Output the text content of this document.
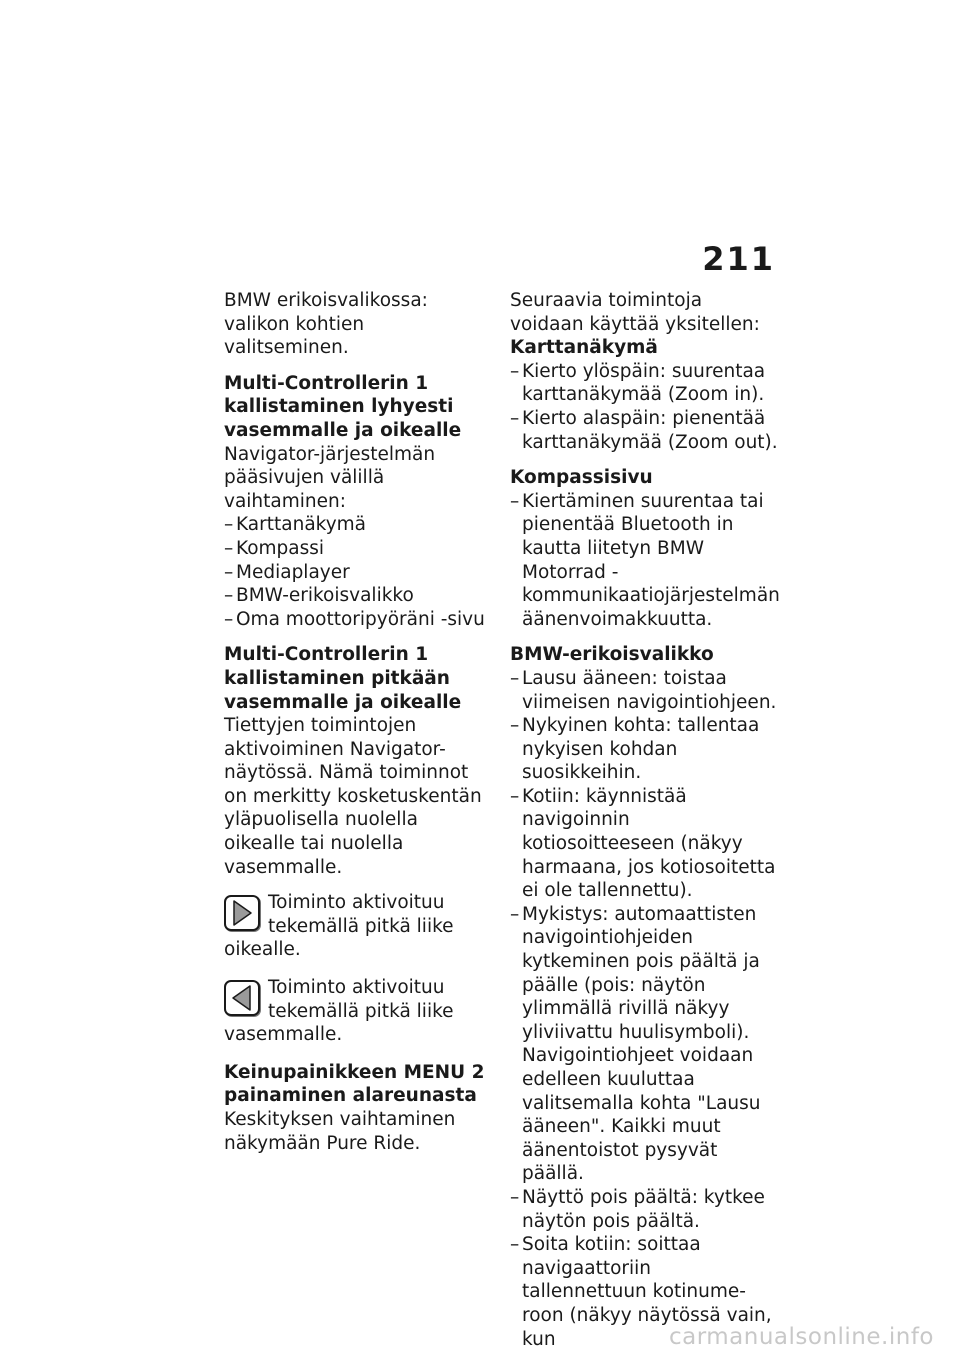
211

BMW erikoisvalikossa: valikon kohtien valitseminen.

Multi-Controllerin 1 kallistaminen lyhyesti vasemmalle ja oikealle

Navigator-järjestelmän pääsivujen välillä vaihtaminen:

– Karttanäkymä
– Kompassi
– Mediaplayer
– BMW-erikoisvalikko
– Oma moottoripyöräni -sivu

Multi-Controllerin 1 kallistaminen pitkään vasemmalle ja oikealle

Tiettyjen toimintojen aktivoiminen Navigator-näytössä. Nämä toiminnot on merkitty kosketuskentän yläpuolisella nuolella oikealle tai nuolella vasemmalle.

Toiminto aktivoituu tekemällä pitkä liike oikealle.

Toiminto aktivoituu tekemällä pitkä liike vasemmalle.

Keinupainikkeen MENU 2 painaminen alareunasta

Keskityksen vaihtaminen näkymään Pure Ride.

Seuraavia toimintoja voidaan käyttää yksitellen:

Karttanäkymä

– Kierto ylöspäin: suurentaa karttanäkymää (Zoom in).
– Kierto alaspäin: pienentää karttanäkymää (Zoom out).

Kompassisivu

– Kiertäminen suurentaa tai pienentää Bluetooth in kautta liitetyn BMW Motorrad -kommunikaatiojärjestelmän äänenvoimakkuutta.

BMW-erikoisvalikko

– Lausu ääneen: toistaa viimeisen navigointiohjeen.
– Nykyinen kohta: tallentaa nykyisen kohdan suosikkeihin.
– Kotiin: käynnistää navigoinnin kotiosoitteeseen (näkyy harmaana, jos kotiosoitetta ei ole tallennettu).
– Mykistys: automaattisten navigointiohjeiden kytkeminen pois päältä ja päälle (pois: näytön ylimmällä rivillä näkyy yliviivattu huulisymboli). Navigointiohjeet voidaan edelleen kuuluttaa valitsemalla kohta "Lausu ääneen". Kaikki muut äänentoistot pysyvät päällä.
– Näyttö pois päältä: kytkee näytön pois päältä.
– Soita kotiin: soittaa navigaattoriin tallennettuun kotinumeroon (näkyy näytössä vain, kun	carmanualsonline.info
